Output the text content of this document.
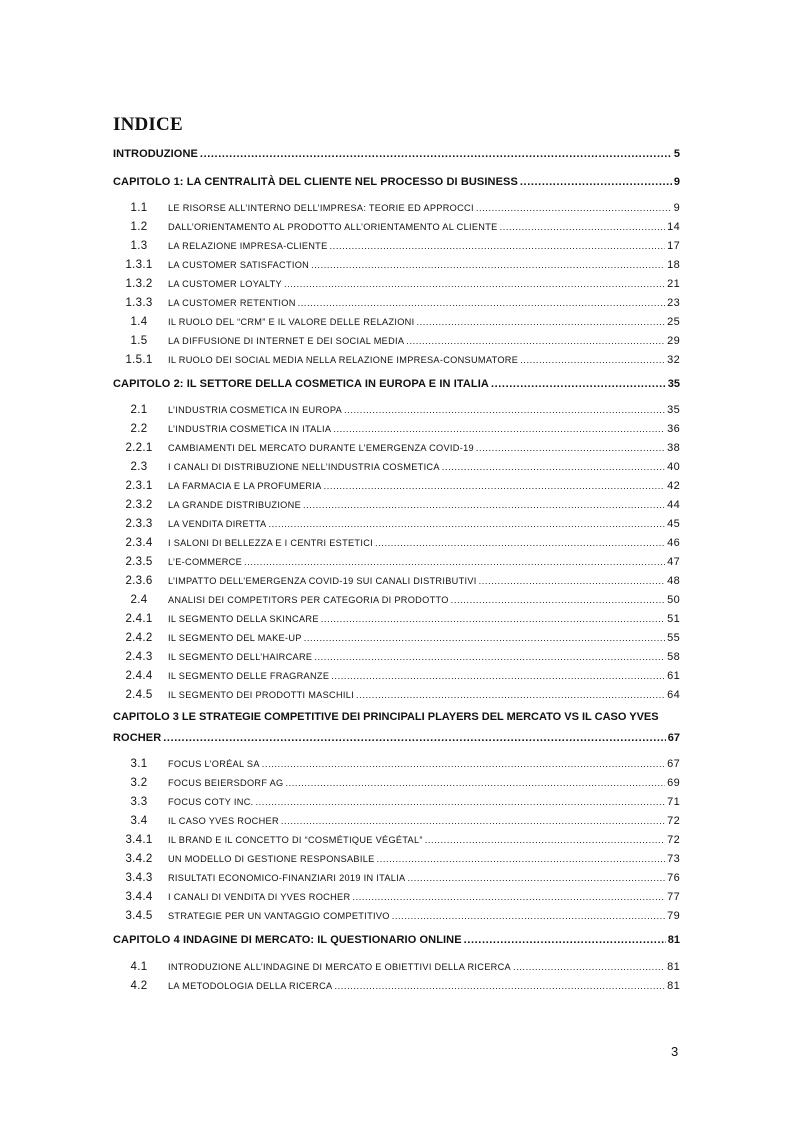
INDICE
INTRODUZIONE .....	5
CAPITOLO 1: LA CENTRALITÀ DEL CLIENTE NEL PROCESSO DI BUSINESS .....	9
1.1	LE RISORSE ALL’INTERNO DELL’IMPRESA: TEORIE ED APPROCCI .....	9
1.2	DALL’ORIENTAMENTO AL PRODOTTO ALL’ORIENTAMENTO AL CLIENTE .....	14
1.3	LA RELAZIONE IMPRESA-CLIENTE .....	17
1.3.1	LA CUSTOMER SATISFACTION .....	18
1.3.2	LA CUSTOMER LOYALTY .....	21
1.3.3	LA CUSTOMER RETENTION .....	23
1.4	IL RUOLO DEL “CRM” E IL VALORE DELLE RELAZIONI .....	25
1.5	LA DIFFUSIONE DI INTERNET E DEI SOCIAL MEDIA .....	29
1.5.1	IL RUOLO DEI SOCIAL MEDIA NELLA RELAZIONE IMPRESA-CONSUMATORE .....	32
CAPITOLO 2: IL SETTORE DELLA COSMETICA IN EUROPA E IN ITALIA .....	35
2.1	L’INDUSTRIA COSMETICA IN EUROPA .....	35
2.2	L’INDUSTRIA COSMETICA IN ITALIA .....	36
2.2.1	CAMBIAMENTI DEL MERCATO DURANTE L’EMERGENZA COVID-19 .....	38
2.3	I CANALI DI DISTRIBUZIONE NELL’INDUSTRIA COSMETICA .....	40
2.3.1	LA FARMACIA E LA PROFUMERIA .....	42
2.3.2	LA GRANDE DISTRIBUZIONE .....	44
2.3.3	LA VENDITA DIRETTA .....	45
2.3.4	I SALONI DI BELLEZZA E I CENTRI ESTETICI .....	46
2.3.5	L’E-COMMERCE .....	47
2.3.6	L’IMPATTO DELL’EMERGENZA COVID-19 SUI CANALI DISTRIBUTIVI .....	48
2.4	ANALISI DEI COMPETITORS PER CATEGORIA DI PRODOTTO .....	50
2.4.1	IL SEGMENTO DELLA SKINCARE .....	51
2.4.2	IL SEGMENTO DEL MAKE-UP .....	55
2.4.3	IL SEGMENTO DELL’HAIRCARE .....	58
2.4.4	IL SEGMENTO DELLE FRAGRANZE .....	61
2.4.5	IL SEGMENTO DEI PRODOTTI MASCHILI .....	64
CAPITOLO 3 LE STRATEGIE COMPETITIVE DEI PRINCIPALI PLAYERS DEL MERCATO VS IL CASO YVES
ROCHER .....	67
3.1	FOCUS L’ORÉAL SA .....	67
3.2	FOCUS BEIERSDORF AG .....	69
3.3	FOCUS COTY INC. .....	71
3.4	IL CASO YVES ROCHER .....	72
3.4.1	IL BRAND E IL CONCETTO DI “COSMÉTIQUE VÉGÉTAL” .....	72
3.4.2	UN MODELLO DI GESTIONE RESPONSABILE .....	73
3.4.3	RISULTATI ECONOMICO-FINANZIARI 2019 IN ITALIA .....	76
3.4.4	I CANALI DI VENDITA DI YVES ROCHER .....	77
3.4.5	STRATEGIE PER UN VANTAGGIO COMPETITIVO .....	79
CAPITOLO 4 INDAGINE DI MERCATO: IL QUESTIONARIO ONLINE .....	81
4.1	INTRODUZIONE ALL’INDAGINE DI MERCATO E OBIETTIVI DELLA RICERCA .....	81
4.2	LA METODOLOGIA DELLA RICERCA .....	81
3
